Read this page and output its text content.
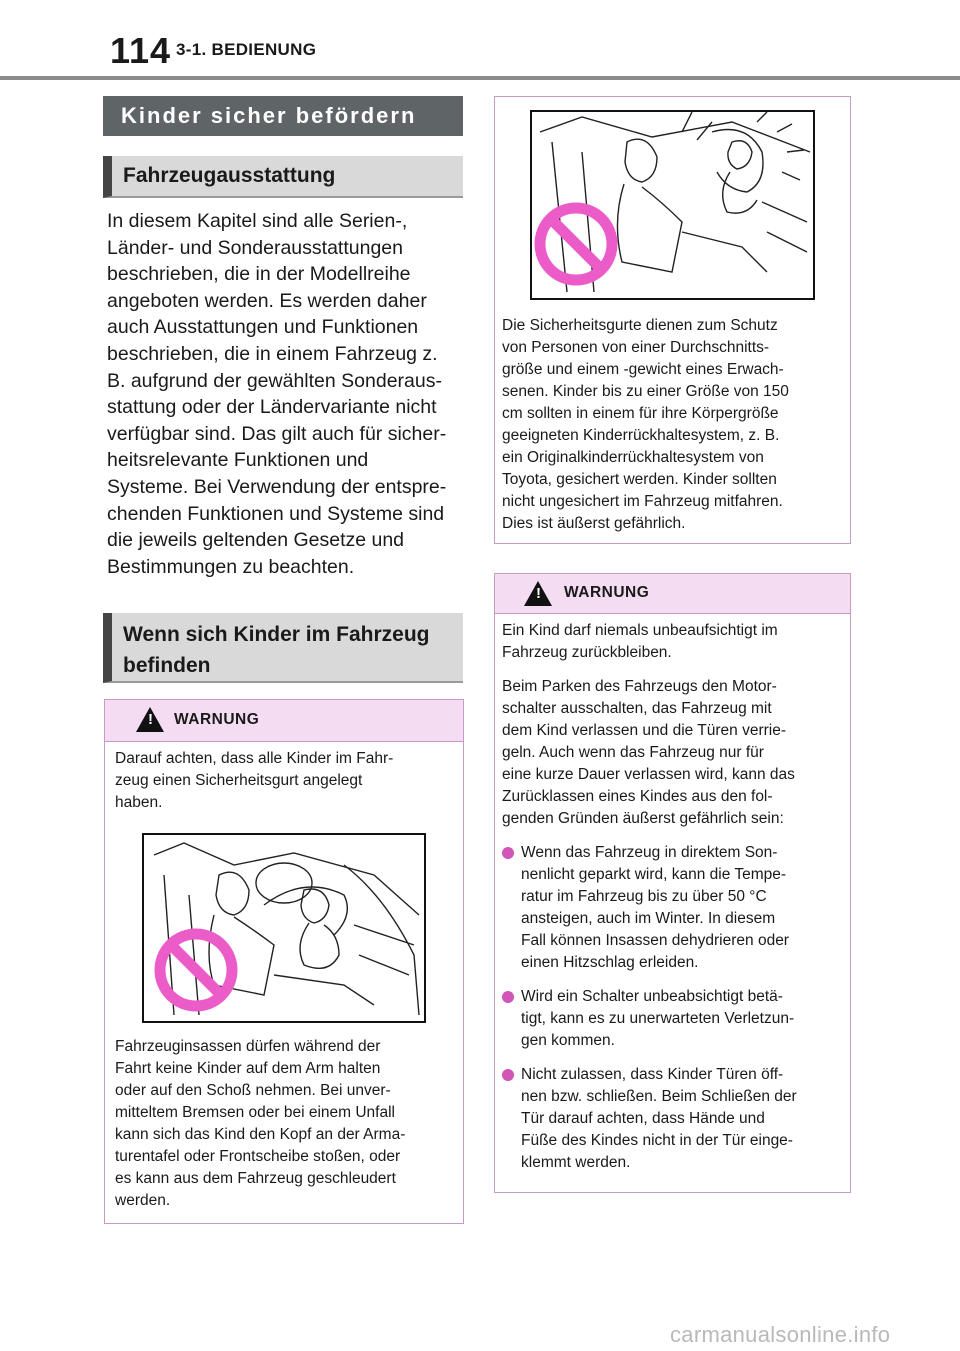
114 3-1. BEDIENUNG
Kinder sicher befördern
Fahrzeugausstattung

In diesem Kapitel sind alle Serien-,

Länder- und Sonderausstattungen

beschrieben, die in der Modellreihe

angeboten werden. Es werden daher

auch Ausstattungen und Funktionen

beschrieben, die in einem Fahrzeug z.

B. aufgrund der gewählten Sonderaus-

stattung oder der Ländervariante nicht

verfügbar sind. Das gilt auch für sicher-

heitsrelevante Funktionen und

Systeme. Bei Verwendung der entspre-

chenden Funktionen und Systeme sind

die jeweils geltenden Gesetze und

Bestimmungen zu beachten.

Wenn sich Kinder im Fahrzeug
befinden
! WARNUNG

Darauf achten, dass alle Kinder im Fahr-

zeug einen Sicherheitsgurt angelegt

haben.

Fahrzeuginsassen dürfen während der

Fahrt keine Kinder auf dem Arm halten

oder auf den Schoß nehmen. Bei unver-

mitteltem Bremsen oder bei einem Unfall

kann sich das Kind den Kopf an der Arma-

turentafel oder Frontscheibe stoßen, oder

es kann aus dem Fahrzeug geschleudert

werden.

Die Sicherheitsgurte dienen zum Schutz

von Personen von einer Durchschnitts-

größe und einem -gewicht eines Erwach-

senen. Kinder bis zu einer Größe von 150

cm sollten in einem für ihre Körpergröße

geeigneten Kinderrückhaltesystem, z. B.

ein Originalkinderrückhaltesystem von

Toyota, gesichert werden. Kinder sollten

nicht ungesichert im Fahrzeug mitfahren.

Dies ist äußerst gefährlich.

! WARNUNG

Ein Kind darf niemals unbeaufsichtigt im

Fahrzeug zurückbleiben.

Beim Parken des Fahrzeugs den Motor-

schalter ausschalten, das Fahrzeug mit

dem Kind verlassen und die Türen verrie-

geln. Auch wenn das Fahrzeug nur für

eine kurze Dauer verlassen wird, kann das

Zurücklassen eines Kindes aus den fol-

genden Gründen äußerst gefährlich sein:

Wenn das Fahrzeug in direktem Son-

nenlicht geparkt wird, kann die Tempe-

ratur im Fahrzeug bis zu über 50 °C

ansteigen, auch im Winter. In diesem

Fall können Insassen dehydrieren oder

einen Hitzschlag erleiden.

Wird ein Schalter unbeabsichtigt betä-

tigt, kann es zu unerwarteten Verletzun-

gen kommen.

Nicht zulassen, dass Kinder Türen öff-

nen bzw. schließen. Beim Schließen der

Tür darauf achten, dass Hände und

Füße des Kindes nicht in der Tür einge-

klemmt werden.

carmanualsonline.info
